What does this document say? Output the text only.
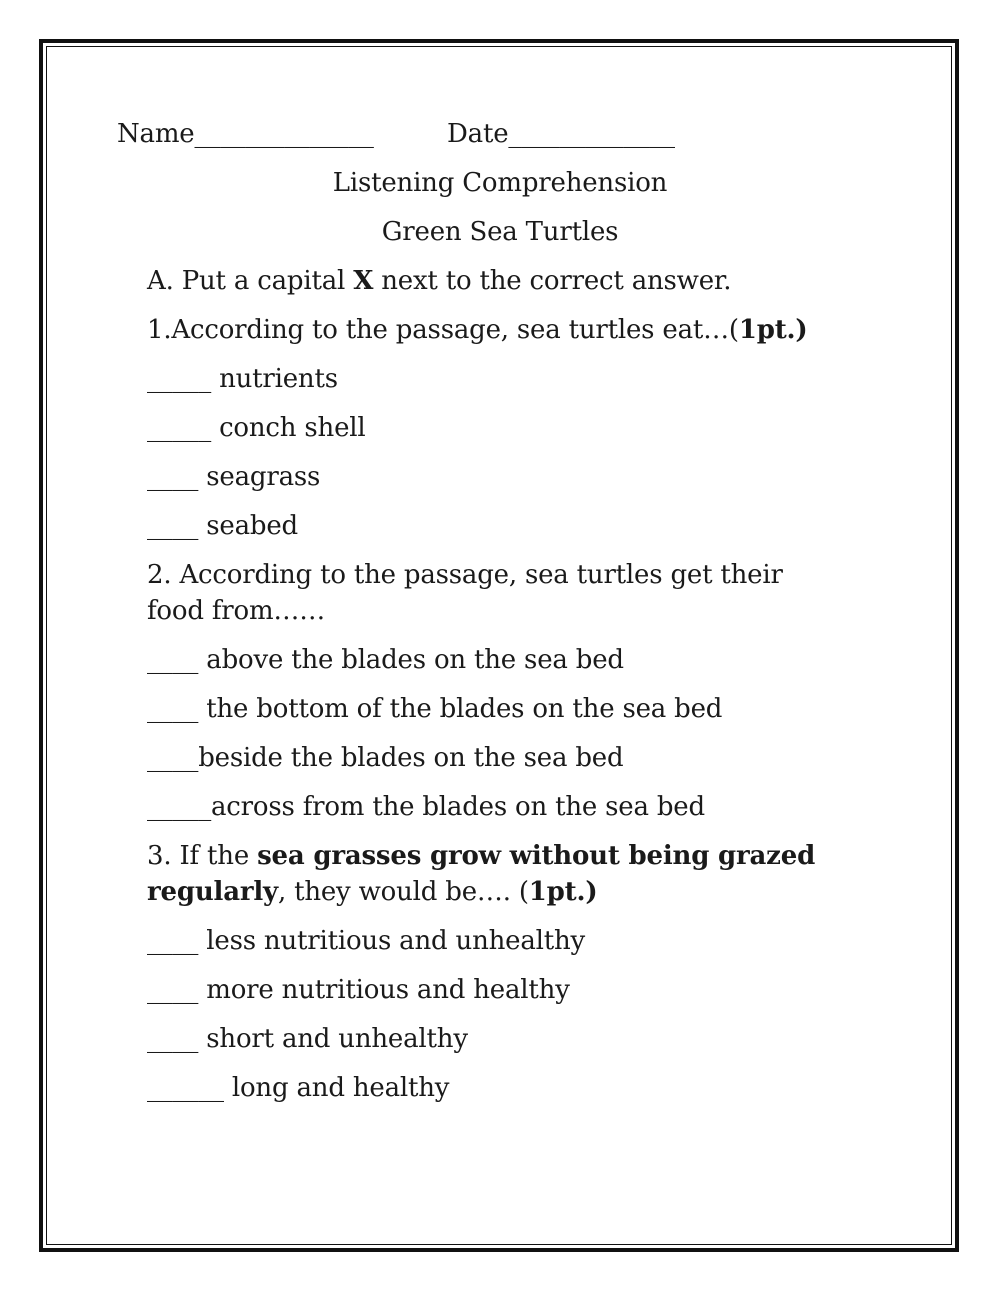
Name______________	Date_____________
Listening Comprehension
Green Sea Turtles
A. Put a capital X next to the correct answer.
1.According to the passage, sea turtles eat…(1pt.)
_____ nutrients
_____ conch shell
____ seagrass
____ seabed
2. According to the passage, sea turtles get their food from……
____ above the blades on the sea bed
____ the bottom of the blades on the sea bed
____beside the blades on the sea bed
_____across from the blades on the sea bed
3. If the sea grasses grow without being grazed regularly, they would be…. (1pt.)
____ less nutritious and unhealthy
____ more nutritious and healthy
____ short and unhealthy
______ long and healthy
